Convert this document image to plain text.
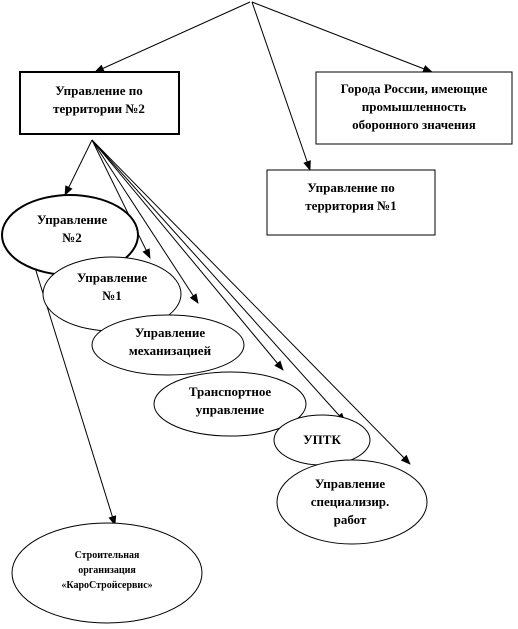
Управление по
территории №2
Города России, имеющие
промышленность
оборонного значения
Управление по
территория №1
Управление
№2
Управление
№1
Управление
механизацией
Транспортное
управление
УПТК
Управление
специализир.
работ
Строительная
организация
«КароСтройсервис»
